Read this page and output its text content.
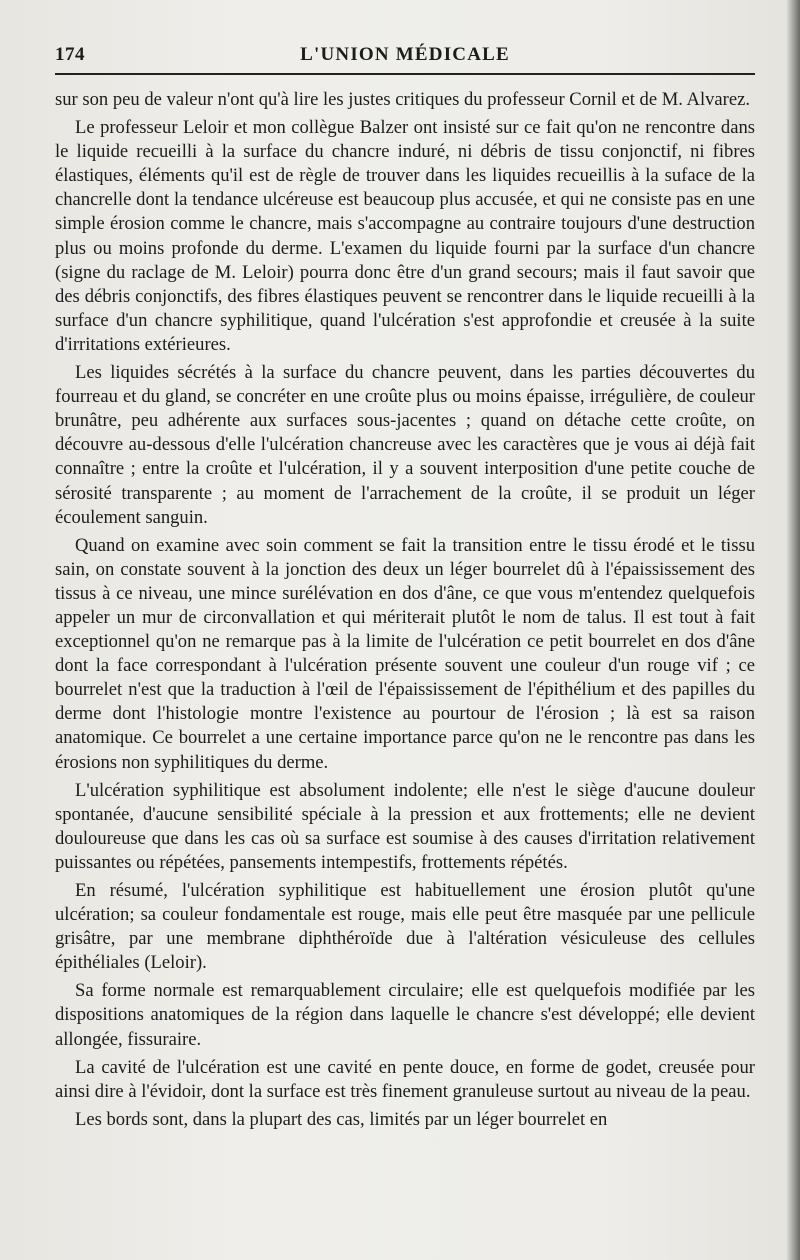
174	L'UNION MÉDICALE

sur son peu de valeur n'ont qu'à lire les justes critiques du professeur Cornil et de M. Alvarez.

Le professeur Leloir et mon collègue Balzer ont insisté sur ce fait qu'on ne rencontre dans le liquide recueilli à la surface du chancre induré, ni débris de tissu conjonctif, ni fibres élastiques, éléments qu'il est de règle de trouver dans les liquides recueillis à la suface de la chancrelle dont la tendance ulcéreuse est beaucoup plus accusée, et qui ne consiste pas en une simple érosion comme le chancre, mais s'accompagne au contraire toujours d'une destruction plus ou moins profonde du derme. L'examen du liquide fourni par la surface d'un chancre (signe du raclage de M. Leloir) pourra donc être d'un grand secours; mais il faut savoir que des débris conjonctifs, des fibres élastiques peuvent se rencontrer dans le liquide recueilli à la surface d'un chancre syphilitique, quand l'ulcération s'est approfondie et creusée à la suite d'irritations extérieures.

Les liquides sécrétés à la surface du chancre peuvent, dans les parties découvertes du fourreau et du gland, se concréter en une croûte plus ou moins épaisse, irrégulière, de couleur brunâtre, peu adhérente aux surfaces sous-jacentes ; quand on détache cette croûte, on découvre au-dessous d'elle l'ulcération chancreuse avec les caractères que je vous ai déjà fait connaître ; entre la croûte et l'ulcération, il y a souvent interposition d'une petite couche de sérosité transparente ; au moment de l'arrachement de la croûte, il se produit un léger écoulement sanguin.

Quand on examine avec soin comment se fait la transition entre le tissu érodé et le tissu sain, on constate souvent à la jonction des deux un léger bourrelet dû à l'épaississement des tissus à ce niveau, une mince surélévation en dos d'âne, ce que vous m'entendez quelquefois appeler un mur de circonvallation et qui mériterait plutôt le nom de talus. Il est tout à fait exceptionnel qu'on ne remarque pas à la limite de l'ulcération ce petit bourrelet en dos d'âne dont la face correspondant à l'ulcération présente souvent une couleur d'un rouge vif ; ce bourrelet n'est que la traduction à l'œil de l'épaississement de l'épithélium et des papilles du derme dont l'histologie montre l'existence au pourtour de l'érosion ; là est sa raison anatomique. Ce bourrelet a une certaine importance parce qu'on ne le rencontre pas dans les érosions non syphilitiques du derme.

L'ulcération syphilitique est absolument indolente; elle n'est le siège d'aucune douleur spontanée, d'aucune sensibilité spéciale à la pression et aux frottements; elle ne devient douloureuse que dans les cas où sa surface est soumise à des causes d'irritation relativement puissantes ou répétées, pansements intempestifs, frottements répétés.

En résumé, l'ulcération syphilitique est habituellement une érosion plutôt qu'une ulcération; sa couleur fondamentale est rouge, mais elle peut être masquée par une pellicule grisâtre, par une membrane diphthéroïde due à l'altération vésiculeuse des cellules épithéliales (Leloir).

Sa forme normale est remarquablement circulaire; elle est quelquefois modifiée par les dispositions anatomiques de la région dans laquelle le chancre s'est développé; elle devient allongée, fissuraire.

La cavité de l'ulcération est une cavité en pente douce, en forme de godet, creusée pour ainsi dire à l'évidoir, dont la surface est très finement granuleuse surtout au niveau de la peau.

Les bords sont, dans la plupart des cas, limités par un léger bourrelet en
